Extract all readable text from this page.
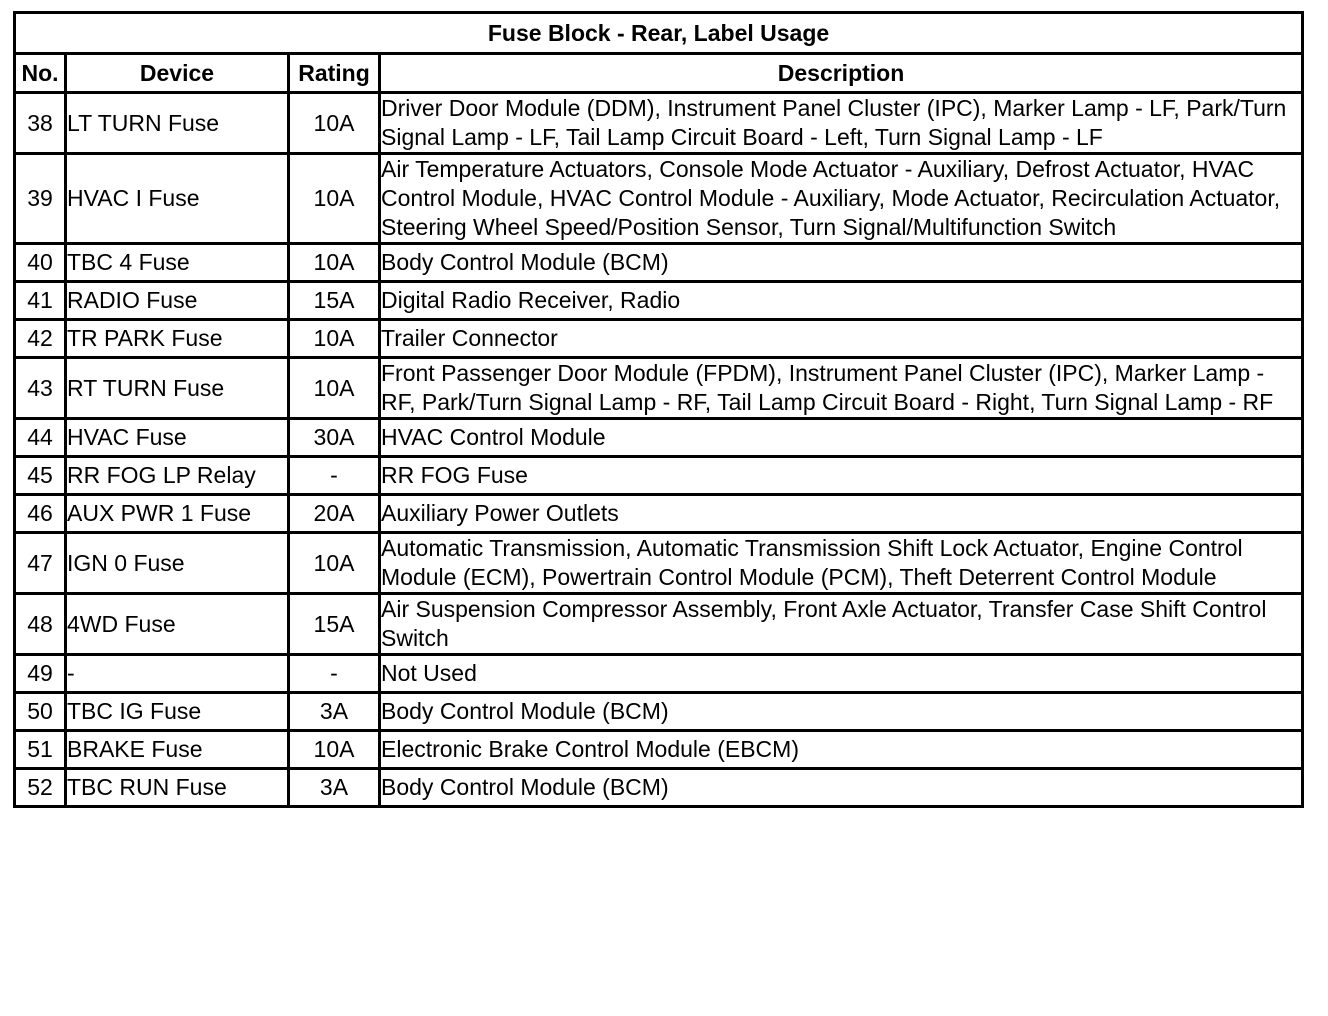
Fuse Block - Rear, Label Usage			
No.	Device	Rating	Description
38	LT TURN Fuse	10A	Driver Door Module (DDM), Instrument Panel Cluster (IPC), Marker Lamp - LF, Park/Turn Signal Lamp - LF, Tail Lamp Circuit Board - Left, Turn Signal Lamp - LF
39	HVAC I Fuse	10A	Air Temperature Actuators, Console Mode Actuator - Auxiliary, Defrost Actuator, HVAC Control Module, HVAC Control Module - Auxiliary, Mode Actuator, Recirculation Actuator, Steering Wheel Speed/Position Sensor, Turn Signal/Multifunction Switch
40	TBC 4 Fuse	10A	Body Control Module (BCM)
41	RADIO Fuse	15A	Digital Radio Receiver, Radio
42	TR PARK Fuse	10A	Trailer Connector
43	RT TURN Fuse	10A	Front Passenger Door Module (FPDM), Instrument Panel Cluster (IPC), Marker Lamp - RF, Park/Turn Signal Lamp - RF, Tail Lamp Circuit Board - Right, Turn Signal Lamp - RF
44	HVAC Fuse	30A	HVAC Control Module
45	RR FOG LP Relay	-	RR FOG Fuse
46	AUX PWR 1 Fuse	20A	Auxiliary Power Outlets
47	IGN 0 Fuse	10A	Automatic Transmission, Automatic Transmission Shift Lock Actuator, Engine Control Module (ECM), Powertrain Control Module (PCM), Theft Deterrent Control Module
48	4WD Fuse	15A	Air Suspension Compressor Assembly, Front Axle Actuator, Transfer Case Shift Control Switch
49	-	-	Not Used
50	TBC IG Fuse	3A	Body Control Module (BCM)
51	BRAKE Fuse	10A	Electronic Brake Control Module (EBCM)
52	TBC RUN Fuse	3A	Body Control Module (BCM)
